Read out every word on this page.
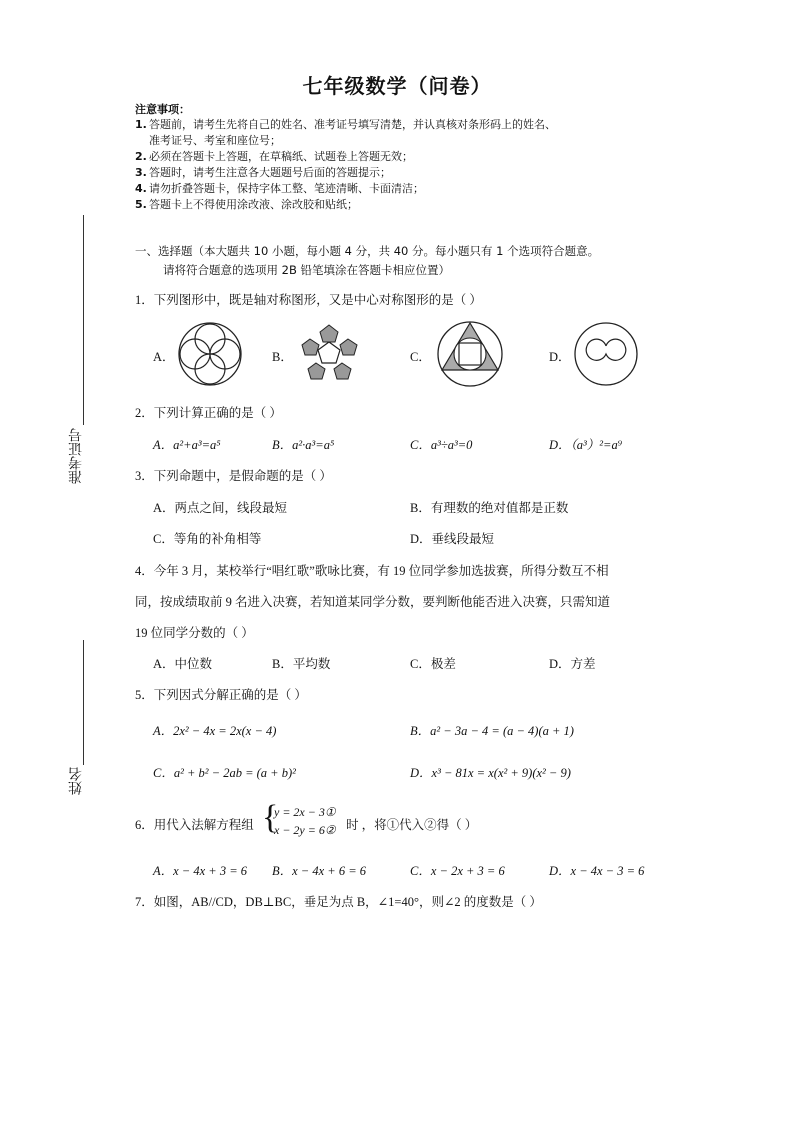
七年级数学（问卷）
注意事项：
1. 答题前，请考生先将自己的姓名、准考证号填写清楚，并认真核对条形码上的姓名、
准考证号、考室和座位号；
2. 必须在答题卡上答题，在草稿纸、试题卷上答题无效；
3. 答题时，请考生注意各大题题号后面的答题提示；
4. 请勿折叠答题卡，保持字体工整、笔迹清晰、卡面清洁；
5. 答题卡上不得使用涂改液、涂改胶和贴纸；
准考证号
姓名
一、选择题（本大题共 10 小题，每小题 4 分，共 40 分。每小题只有 1 个选项符合题意。
请将符合题意的选项用 2B 铅笔填涂在答题卡相应位置）
1．下列图形中，既是轴对称图形，又是中心对称图形的是（ ）
A．	B．	C．	D．
2．下列计算正确的是（ ）
A．a²+a³=a⁵	B．a²·a³=a⁵	C．a³÷a³=0	D．（a³）²=a⁹
3．下列命题中，是假命题的是（ ）
A．两点之间，线段最短	B．有理数的绝对值都是正数
C．等角的补角相等	D．垂线段最短
4．今年 3 月，某校举行“唱红歌”歌咏比赛，有 19 位同学参加选拔赛，所得分数互不相
同，按成绩取前 9 名进入决赛，若知道某同学分数，要判断他能否进入决赛，只需知道
19 位同学分数的（ ）
A．中位数	B．平均数	C．极差	D．方差
5．下列因式分解正确的是（ ）
A．2x² − 4x = 2x(x − 4)	B．a² − 3a − 4 = (a − 4)(a + 1)
C．a² + b² − 2ab = (a + b)²	D．x³ − 81x = x(x² + 9)(x² − 9)
6．用代入法解方程组 {
y = 2x − 3①
x − 2y = 6② 时 ，将①代入②得（ ）
A．x − 4x + 3 = 6 B．x − 4x + 6 = 6	C．x − 2x + 3 = 6	D．x − 4x − 3 = 6
7．如图，AB//CD，DB⊥BC，垂足为点 B，∠1=40°，则∠2 的度数是（ ）
